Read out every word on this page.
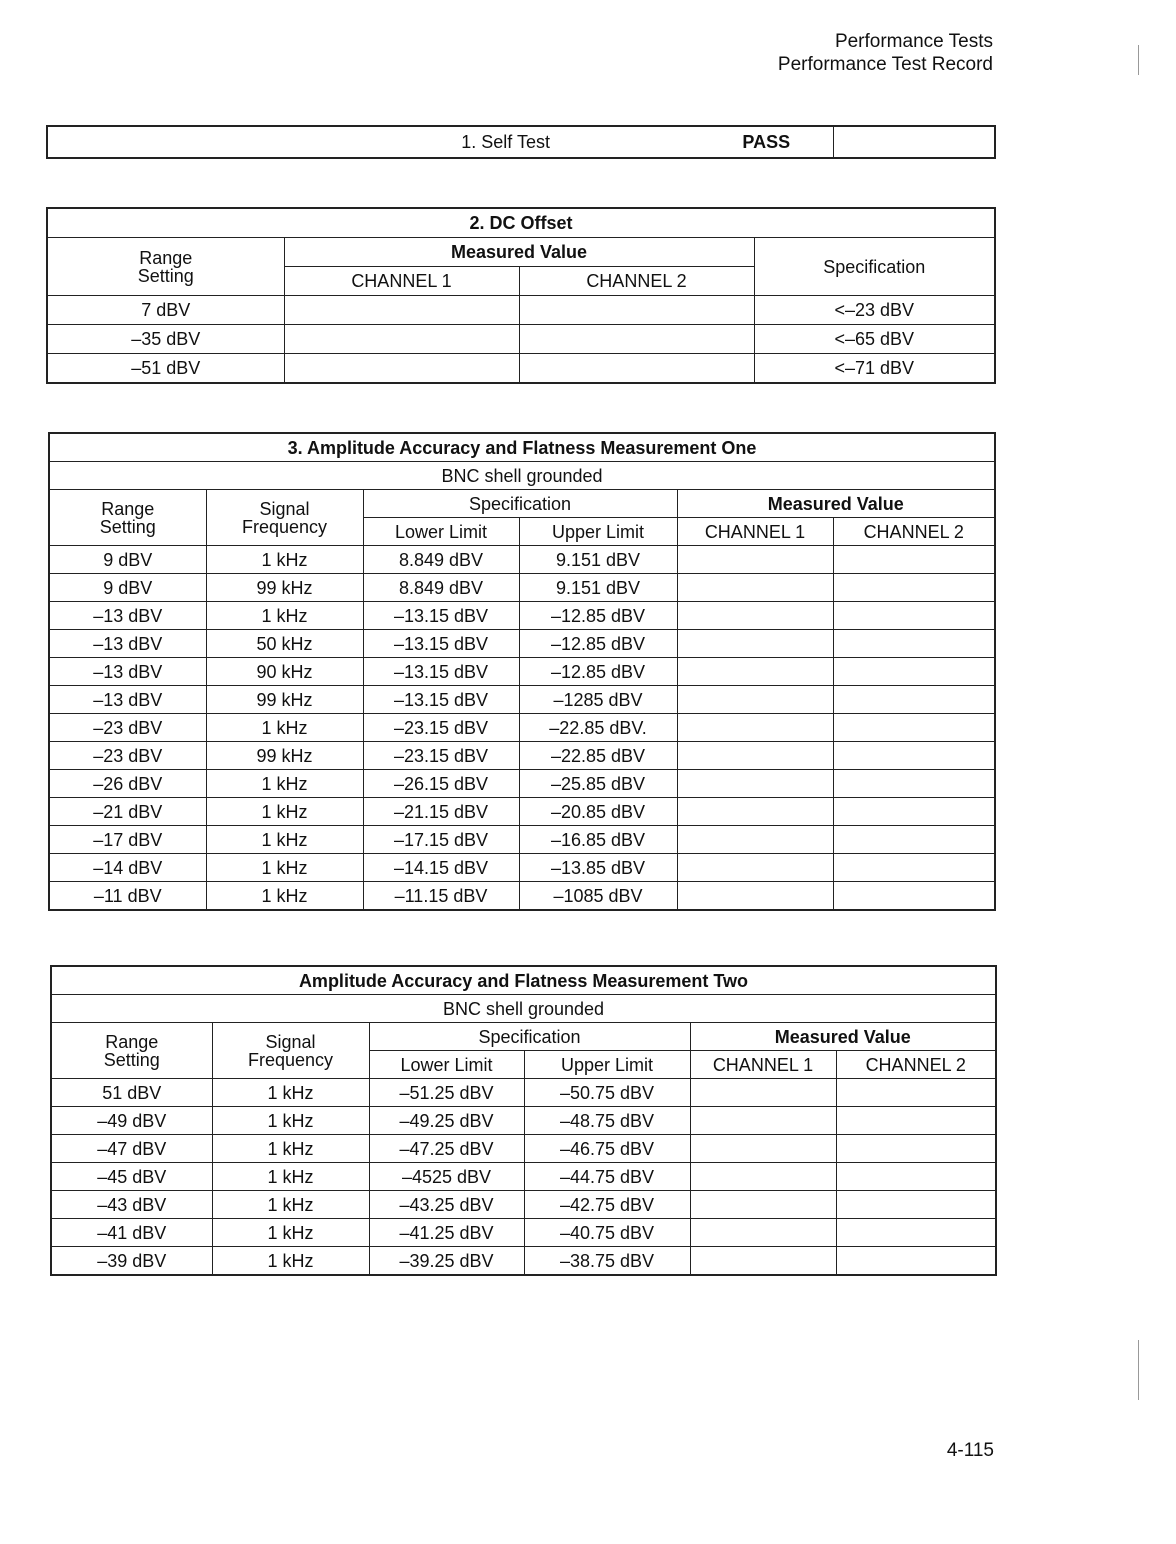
Performance Tests
Performance Test Record
1. Self Test	PASS	
2. DC Offset			
Range Setting	Measured Value		Specification
	CHANNEL 1	CHANNEL 2	
7 dBV			<–23 dBV
–35 dBV			<–65 dBV
–51 dBV			<–71 dBV
3. Amplitude Accuracy and Flatness Measurement One					
BNC shell grounded					
Range Setting	Signal Frequency	Specification		Measured Value	
		Lower Limit	Upper Limit	CHANNEL 1	CHANNEL 2
9 dBV	1 kHz	8.849 dBV	9.151 dBV		
9 dBV	99 kHz	8.849 dBV	9.151 dBV		
–13 dBV	1 kHz	–13.15 dBV	–12.85 dBV		
–13 dBV	50 kHz	–13.15 dBV	–12.85 dBV		
–13 dBV	90 kHz	–13.15 dBV	–12.85 dBV		
–13 dBV	99 kHz	–13.15 dBV	–1285 dBV		
–23 dBV	1 kHz	–23.15 dBV	–22.85 dBV.		
–23 dBV	99 kHz	–23.15 dBV	–22.85 dBV		
–26 dBV	1 kHz	–26.15 dBV	–25.85 dBV		
–21 dBV	1 kHz	–21.15 dBV	–20.85 dBV		
–17 dBV	1 kHz	–17.15 dBV	–16.85 dBV		
–14 dBV	1 kHz	–14.15 dBV	–13.85 dBV		
–11 dBV	1 kHz	–11.15 dBV	–1085 dBV		
Amplitude Accuracy and Flatness Measurement Two					
BNC shell grounded					
Range Setting	Signal Frequency	Specification		Measured Value	
		Lower Limit	Upper Limit	CHANNEL 1	CHANNEL 2
51 dBV	1 kHz	–51.25 dBV	–50.75 dBV		
–49 dBV	1 kHz	–49.25 dBV	–48.75 dBV		
–47 dBV	1 kHz	–47.25 dBV	–46.75 dBV		
–45 dBV	1 kHz	–4525 dBV	–44.75 dBV		
–43 dBV	1 kHz	–43.25 dBV	–42.75 dBV		
–41 dBV	1 kHz	–41.25 dBV	–40.75 dBV		
–39 dBV	1 kHz	–39.25 dBV	–38.75 dBV		
4-115
